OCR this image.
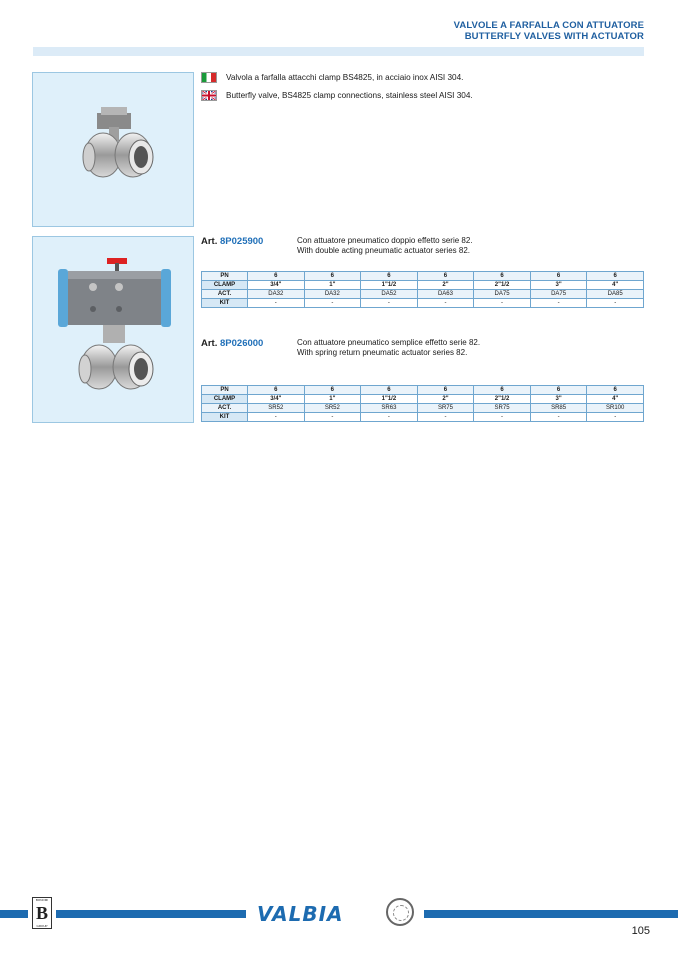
VALVOLE A FARFALLA CON ATTUATORE
BUTTERFLY VALVES WITH ACTUATOR
Valvola a farfalla attacchi clamp BS4825, in acciaio inox AISI 304.
Butterfly valve, BS4825 clamp connections, stainless steel AISI 304.
Art. 8P025900	Con attuatore pneumatico doppio effetto serie 82.
With double acting pneumatic actuator series 82.
PN	6	6	6	6	6	6	6
CLAMP	3/4"	1"	1"1/2	2"	2"1/2	3"	4"
ACT.	DA32	DA32	DA52	DA63	DA75	DA75	DA85
KIT	-	-	-	-	-	-	-
Art. 8P026000	Con attuatore pneumatico semplice effetto serie 82.
With spring return pneumatic actuator series 82.
PN	6	6	6	6	6	6	6
CLAMP	3/4"	1"	1"1/2	2"	2"1/2	3"	4"
ACT.	SR52	SR52	SR63	SR75	SR75	SR85	SR100
KIT	-	-	-	-	-	-	-
BONOMI
B
GROUP	VALBIA
105
